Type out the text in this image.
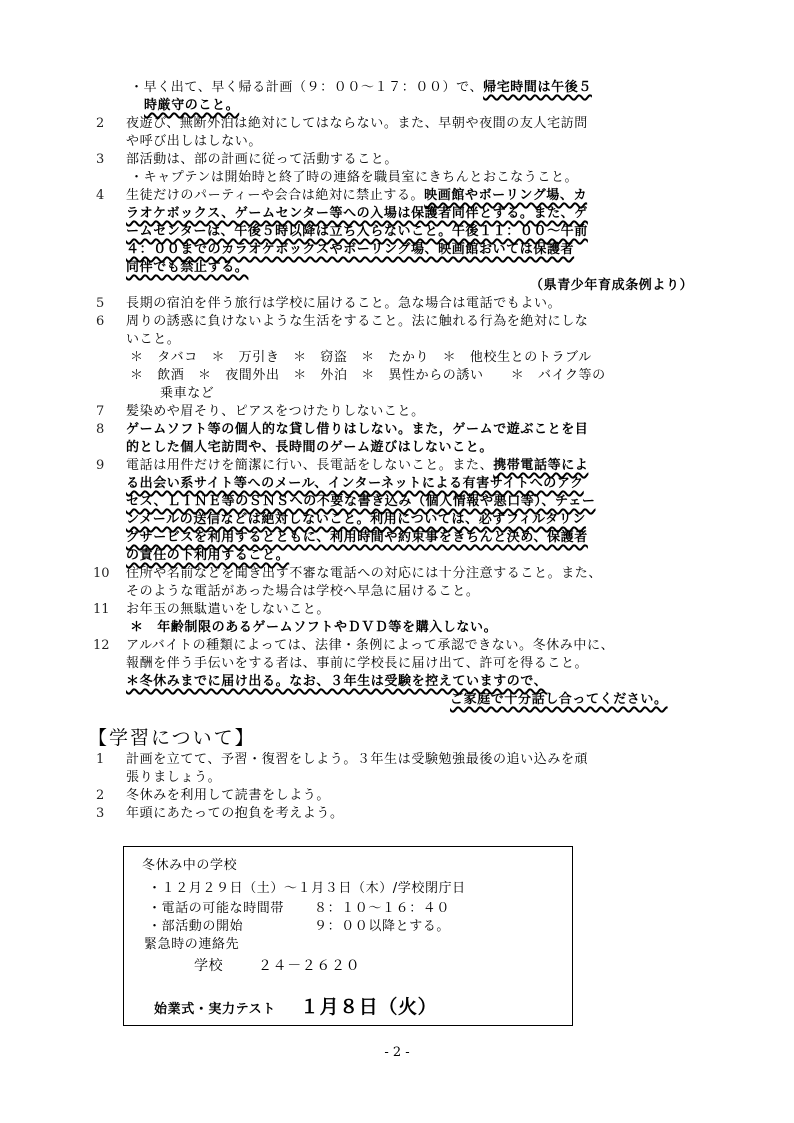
・早く出て、早く帰る計画（９：００～１７：００）で、帰宅時間は午後５
時厳守のこと。
2 夜遊び、無断外泊は絶対にしてはならない。また、早朝や夜間の友人宅訪問
や呼び出しはしない。
3 部活動は、部の計画に従って活動すること。
・キャプテンは開始時と終了時の連絡を職員室にきちんとおこなうこと。
4 生徒だけのパーティーや会合は絶対に禁止する。映画館やボーリング場、カ
ラオケボックス、ゲームセンター等への入場は保護者同伴とする。また、ゲ
ームセンターは、午後５時以降は立ち入らないこと。午後１１：００～午前
４：００までのカラオケボックスやボーリング場、映画館おいては保護者
同伴でも禁止する。
（県青少年育成条例より）
5 長期の宿泊を伴う旅行は学校に届けること。急な場合は電話でもよい。
6 周りの誘惑に負けないような生活をすること。法に触れる行為を絶対にしな
いこと。
＊　タバコ　＊　万引き　＊　窃盗　＊　たかり　＊　他校生とのトラブル
＊　飲酒　＊　夜間外出　＊　外泊　＊　異性からの誘い　　＊　バイク等の
乗車など
7 髪染めや眉そり、ピアスをつけたりしないこと。
8 ゲームソフト等の個人的な貸し借りはしない。また，ゲームで遊ぶことを目
的とした個人宅訪問や、長時間のゲーム遊びはしないこと。
9 電話は用件だけを簡潔に行い、長電話をしないこと。また、携帯電話等によ
る出会い系サイト等へのメール、インターネットによる有害サイトへのアク
セス、ＬＩＮＥ等のＳＮＳへの不要な書き込み（個人情報や悪口等）、チェー
ンメールの送信などは絶対しないこと。利用については、必ずフィルタリン
グサービスを利用するとともに、利用時間や約束事をきちんと決め、保護者
の責任の下利用すること。
10 住所や名前などを聞き出す不審な電話への対応には十分注意すること。また、
そのような電話があった場合は学校へ早急に届けること。
11 お年玉の無駄遣いをしないこと。
＊　年齢制限のあるゲームソフトやＤＶＤ等を購入しない。
12 アルバイトの種類によっては、法律・条例によって承認できない。冬休み中に、
報酬を伴う手伝いをする者は、事前に学校長に届け出て、許可を得ること。
＊冬休みまでに届け出る。なお、３年生は受験を控えていますので、
ご家庭で十分話し合ってください。
【学習について】
1 計画を立てて、予習・復習をしよう。３年生は受験勉強最後の追い込みを頑
張りましょう。
2 冬休みを利用して読書をしよう。
3 年頭にあたっての抱負を考えよう。
冬休み中の学校
・１２月２９日（土）～１月３日（木）/学校閉庁日
・電話の可能な時間帯 ８：１０～１６：４０
・部活動の開始	９：００以降とする。
緊急時の連絡先
学校 ２４－２６２０
始業式・実力テスト １月８日（火）
- 2 -
